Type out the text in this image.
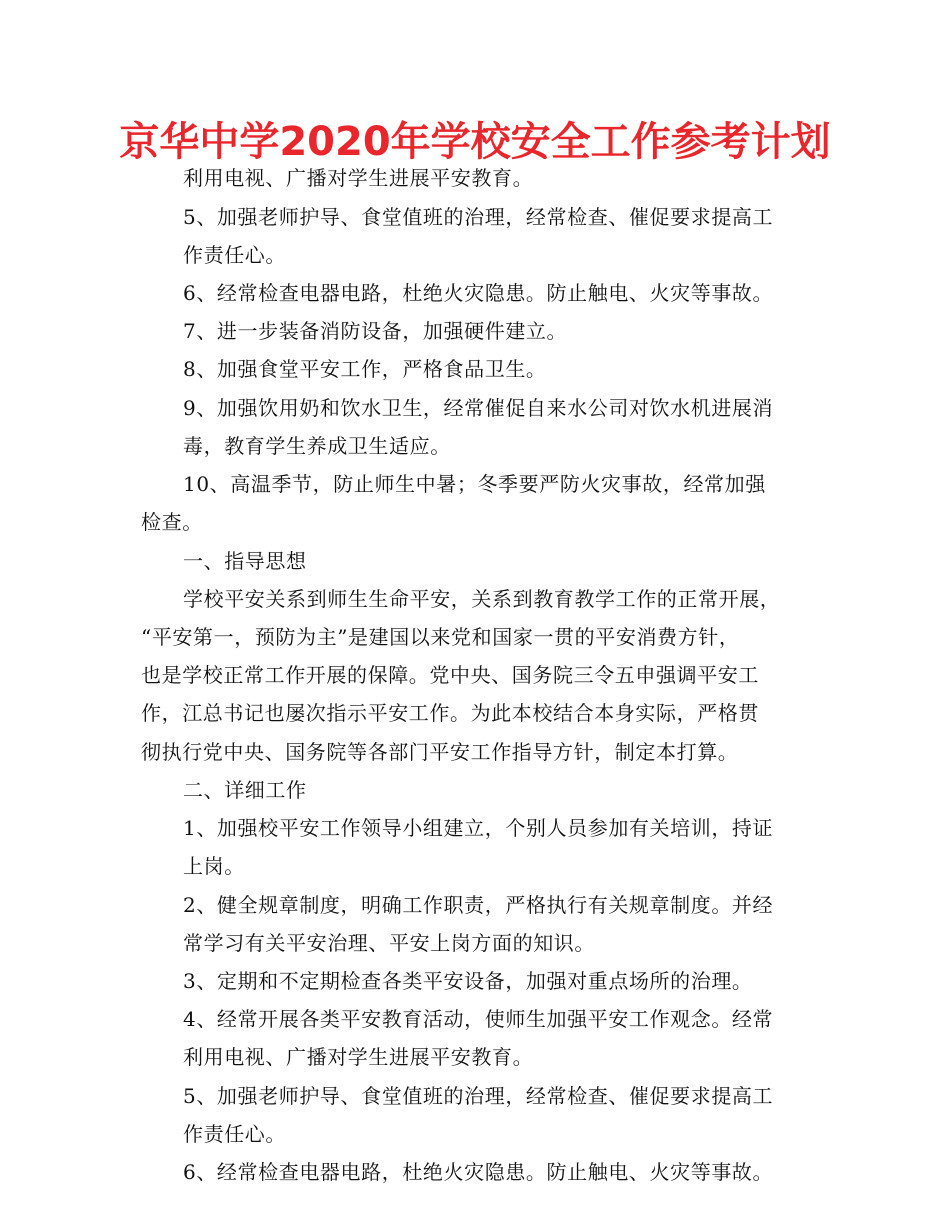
京华中学2020年学校安全工作参考计划
利用电视、广播对学生进展平安教育。
5、加强老师护导、食堂值班的治理，经常检查、催促要求提高工
作责任心。
6、经常检查电器电路，杜绝火灾隐患。防止触电、火灾等事故。
7、进一步装备消防设备，加强硬件建立。
8、加强食堂平安工作，严格食品卫生。
9、加强饮用奶和饮水卫生，经常催促自来水公司对饮水机进展消
毒，教育学生养成卫生适应。
10、高温季节，防止师生中暑；冬季要严防火灾事故，经常加强
检查。
一、指导思想
学校平安关系到师生生命平安，关系到教育教学工作的正常开展，
“平安第一，预防为主”是建国以来党和国家一贯的平安消费方针，
也是学校正常工作开展的保障。党中央、国务院三令五申强调平安工
作，江总书记也屡次指示平安工作。为此本校结合本身实际，严格贯
彻执行党中央、国务院等各部门平安工作指导方针，制定本打算。
二、详细工作
1、加强校平安工作领导小组建立，个别人员参加有关培训，持证
上岗。
2、健全规章制度，明确工作职责，严格执行有关规章制度。并经
常学习有关平安治理、平安上岗方面的知识。
3、定期和不定期检查各类平安设备，加强对重点场所的治理。
4、经常开展各类平安教育活动，使师生加强平安工作观念。经常
利用电视、广播对学生进展平安教育。
5、加强老师护导、食堂值班的治理，经常检查、催促要求提高工
作责任心。
6、经常检查电器电路，杜绝火灾隐患。防止触电、火灾等事故。
